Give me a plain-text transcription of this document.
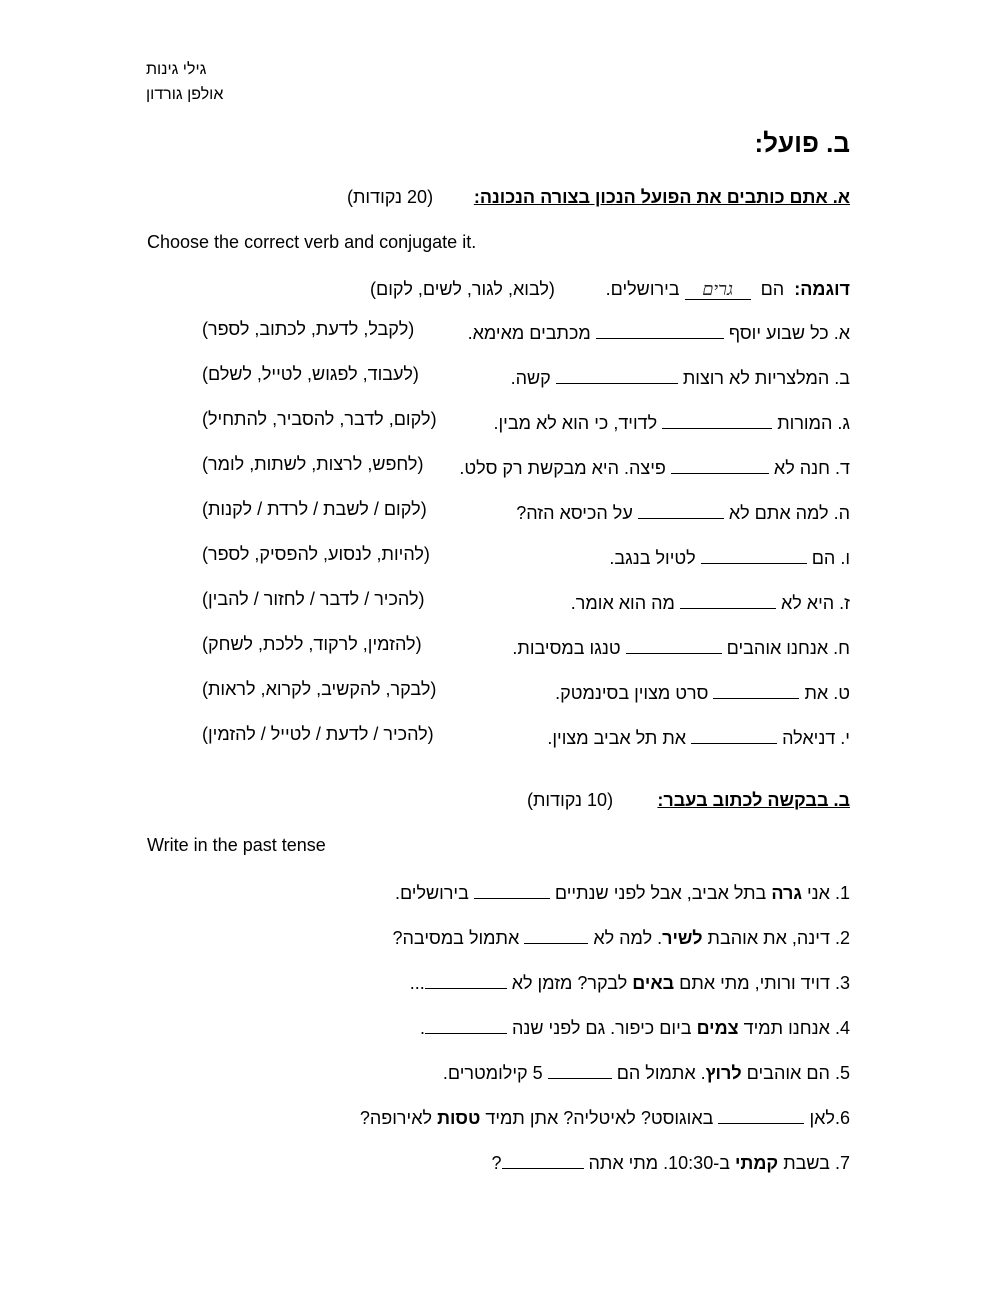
גילי גינות
אולפן גורדון
ב. פועל:
א. אתם כותבים את הפועל הנכון בצורה הנכונה:
(20 נקודות)
Choose the correct verb and conjugate it.
דוגמה:  הם  גרים בירושלים.
(לבוא, לגור, לשים, לקום)
א. כל שבוע יוסף  מכתבים מאימא.
(לקבל, לדעת, לכתוב, לספר)
ב. המלצריות לא רוצות  קשה.
(לעבוד, לפגוש, לטייל, לשלם)
ג. המורות  לדויד, כי הוא לא מבין.
(לקום, לדבר, להסביר, להתחיל)
ד. חנה לא  פיצה. היא מבקשת רק סלט.
(לחפש, לרצות, לשתות, לומר)
ה. למה אתם לא  על הכיסא הזה?
(לקום / לשבת / לרדת / לקנות)
ו. הם  לטיול בנגב.
(להיות, לנסוע, להפסיק, לספר)
ז. היא לא  מה הוא אומר.
(להכיר / לדבר / לחזור / להבין)
ח. אנחנו אוהבים  טנגו במסיבות.
(להזמין, לרקוד, ללכת, לשחק)
ט. את  סרט מצוין בסינמטק.
(לבקר, להקשיב, לקרוא, לראות)
י. דניאלה  את תל אביב מצוין.
(להכיר / לדעת / לטייל / להזמין)
ב. בבקשה לכתוב בעבר:
(10 נקודות)
Write in the past tense
1. אני גרה בתל אביב, אבל לפני שנתיים  בירושלים.
2. דינה, את אוהבת לשיר. למה לא  אתמול במסיבה?
3. דויד ורותי, מתי אתם באים לבקר? מזמן לא ...
4. אנחנו תמיד צמים ביום כיפור. גם לפני שנה .
5. הם אוהבים לרוץ. אתמול הם  5 קילומטרים.
6.לאן  באוגוסט? לאיטליה? אתן תמיד טסות לאירופה?
7. בשבת קמתי ב-10:30. מתי אתה ?
